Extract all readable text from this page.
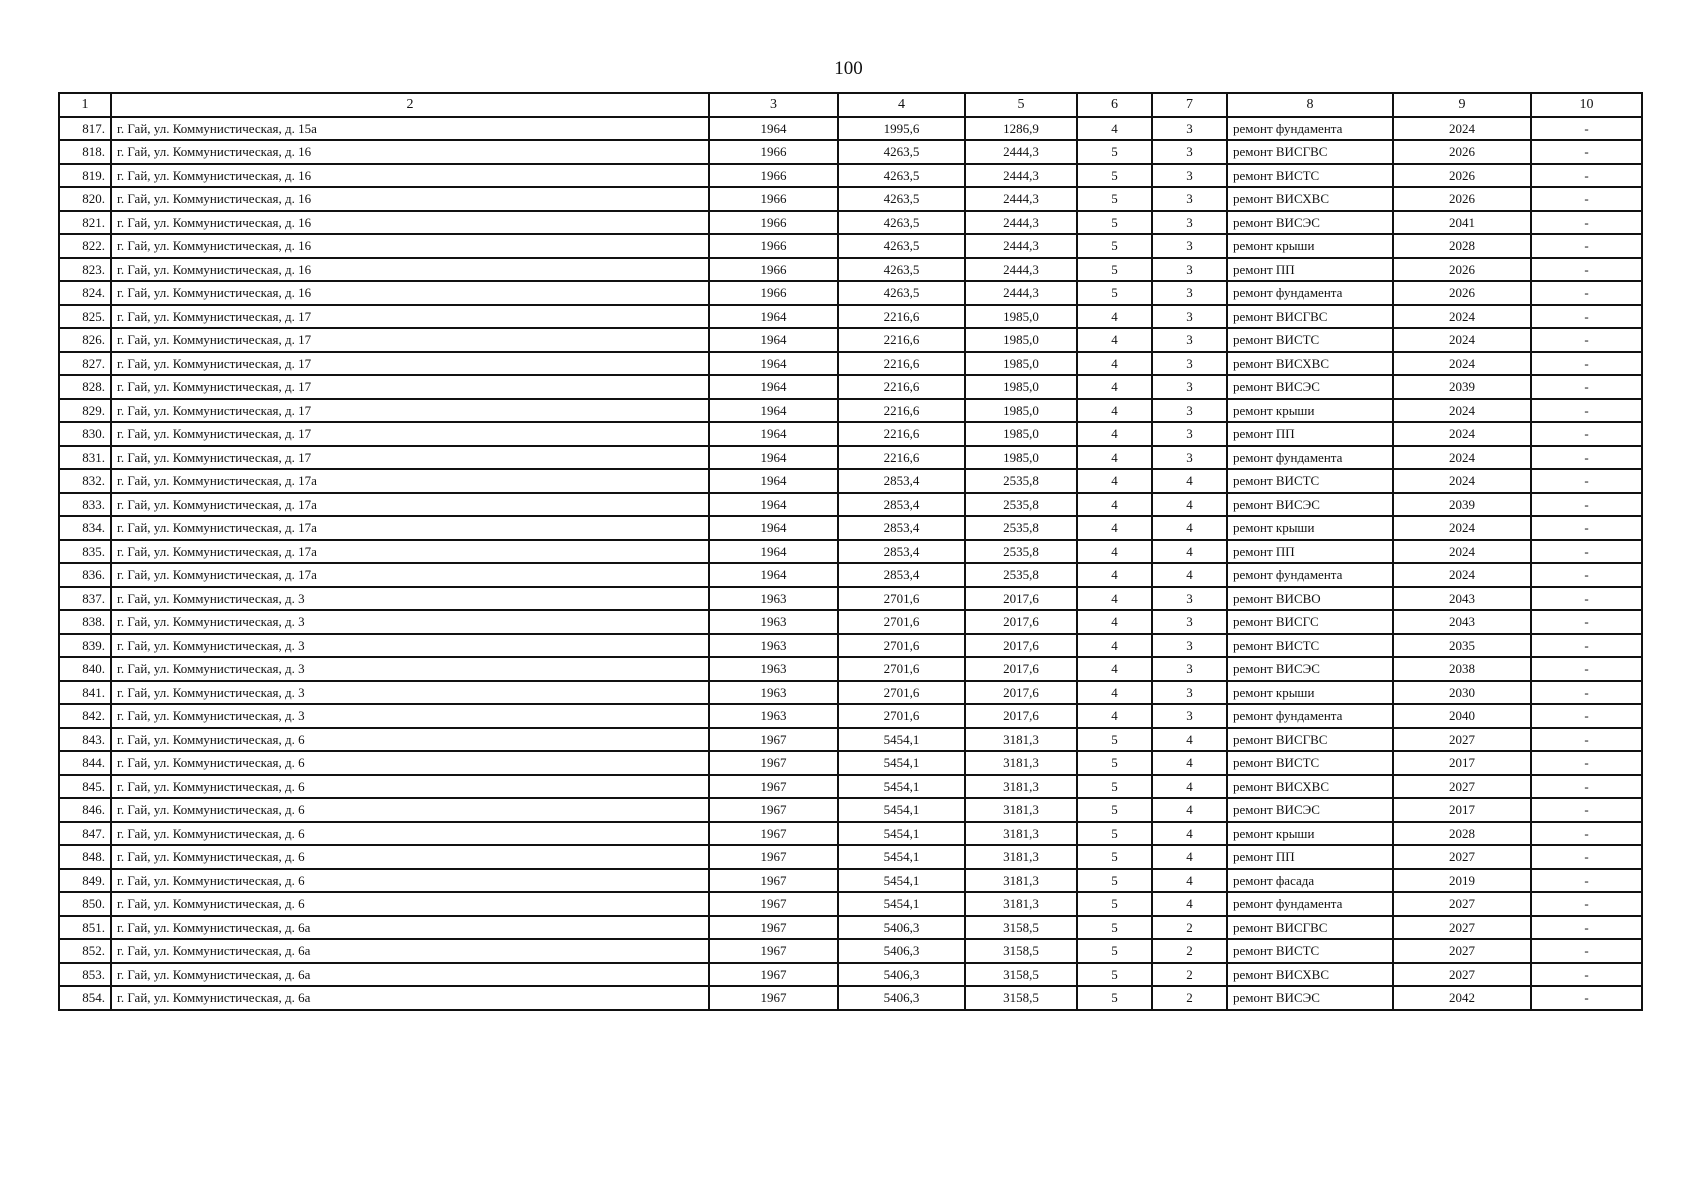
100
1	2	3	4	5	6	7	8	9	10
817.	г. Гай, ул. Коммунистическая, д. 15а	1964	1995,6	1286,9	4	3	ремонт фундамента	2024	-
818.	г. Гай, ул. Коммунистическая, д. 16	1966	4263,5	2444,3	5	3	ремонт ВИСГВС	2026	-
819.	г. Гай, ул. Коммунистическая, д. 16	1966	4263,5	2444,3	5	3	ремонт ВИСТС	2026	-
820.	г. Гай, ул. Коммунистическая, д. 16	1966	4263,5	2444,3	5	3	ремонт ВИСХВС	2026	-
821.	г. Гай, ул. Коммунистическая, д. 16	1966	4263,5	2444,3	5	3	ремонт ВИСЭС	2041	-
822.	г. Гай, ул. Коммунистическая, д. 16	1966	4263,5	2444,3	5	3	ремонт крыши	2028	-
823.	г. Гай, ул. Коммунистическая, д. 16	1966	4263,5	2444,3	5	3	ремонт ПП	2026	-
824.	г. Гай, ул. Коммунистическая, д. 16	1966	4263,5	2444,3	5	3	ремонт фундамента	2026	-
825.	г. Гай, ул. Коммунистическая, д. 17	1964	2216,6	1985,0	4	3	ремонт ВИСГВС	2024	-
826.	г. Гай, ул. Коммунистическая, д. 17	1964	2216,6	1985,0	4	3	ремонт ВИСТС	2024	-
827.	г. Гай, ул. Коммунистическая, д. 17	1964	2216,6	1985,0	4	3	ремонт ВИСХВС	2024	-
828.	г. Гай, ул. Коммунистическая, д. 17	1964	2216,6	1985,0	4	3	ремонт ВИСЭС	2039	-
829.	г. Гай, ул. Коммунистическая, д. 17	1964	2216,6	1985,0	4	3	ремонт крыши	2024	-
830.	г. Гай, ул. Коммунистическая, д. 17	1964	2216,6	1985,0	4	3	ремонт ПП	2024	-
831.	г. Гай, ул. Коммунистическая, д. 17	1964	2216,6	1985,0	4	3	ремонт фундамента	2024	-
832.	г. Гай, ул. Коммунистическая, д. 17а	1964	2853,4	2535,8	4	4	ремонт ВИСТС	2024	-
833.	г. Гай, ул. Коммунистическая, д. 17а	1964	2853,4	2535,8	4	4	ремонт ВИСЭС	2039	-
834.	г. Гай, ул. Коммунистическая, д. 17а	1964	2853,4	2535,8	4	4	ремонт крыши	2024	-
835.	г. Гай, ул. Коммунистическая, д. 17а	1964	2853,4	2535,8	4	4	ремонт ПП	2024	-
836.	г. Гай, ул. Коммунистическая, д. 17а	1964	2853,4	2535,8	4	4	ремонт фундамента	2024	-
837.	г. Гай, ул. Коммунистическая, д. 3	1963	2701,6	2017,6	4	3	ремонт ВИСВО	2043	-
838.	г. Гай, ул. Коммунистическая, д. 3	1963	2701,6	2017,6	4	3	ремонт ВИСГС	2043	-
839.	г. Гай, ул. Коммунистическая, д. 3	1963	2701,6	2017,6	4	3	ремонт ВИСТС	2035	-
840.	г. Гай, ул. Коммунистическая, д. 3	1963	2701,6	2017,6	4	3	ремонт ВИСЭС	2038	-
841.	г. Гай, ул. Коммунистическая, д. 3	1963	2701,6	2017,6	4	3	ремонт крыши	2030	-
842.	г. Гай, ул. Коммунистическая, д. 3	1963	2701,6	2017,6	4	3	ремонт фундамента	2040	-
843.	г. Гай, ул. Коммунистическая, д. 6	1967	5454,1	3181,3	5	4	ремонт ВИСГВС	2027	-
844.	г. Гай, ул. Коммунистическая, д. 6	1967	5454,1	3181,3	5	4	ремонт ВИСТС	2017	-
845.	г. Гай, ул. Коммунистическая, д. 6	1967	5454,1	3181,3	5	4	ремонт ВИСХВС	2027	-
846.	г. Гай, ул. Коммунистическая, д. 6	1967	5454,1	3181,3	5	4	ремонт ВИСЭС	2017	-
847.	г. Гай, ул. Коммунистическая, д. 6	1967	5454,1	3181,3	5	4	ремонт крыши	2028	-
848.	г. Гай, ул. Коммунистическая, д. 6	1967	5454,1	3181,3	5	4	ремонт ПП	2027	-
849.	г. Гай, ул. Коммунистическая, д. 6	1967	5454,1	3181,3	5	4	ремонт фасада	2019	-
850.	г. Гай, ул. Коммунистическая, д. 6	1967	5454,1	3181,3	5	4	ремонт фундамента	2027	-
851.	г. Гай, ул. Коммунистическая, д. 6а	1967	5406,3	3158,5	5	2	ремонт ВИСГВС	2027	-
852.	г. Гай, ул. Коммунистическая, д. 6а	1967	5406,3	3158,5	5	2	ремонт ВИСТС	2027	-
853.	г. Гай, ул. Коммунистическая, д. 6а	1967	5406,3	3158,5	5	2	ремонт ВИСХВС	2027	-
854.	г. Гай, ул. Коммунистическая, д. 6а	1967	5406,3	3158,5	5	2	ремонт ВИСЭС	2042	-
